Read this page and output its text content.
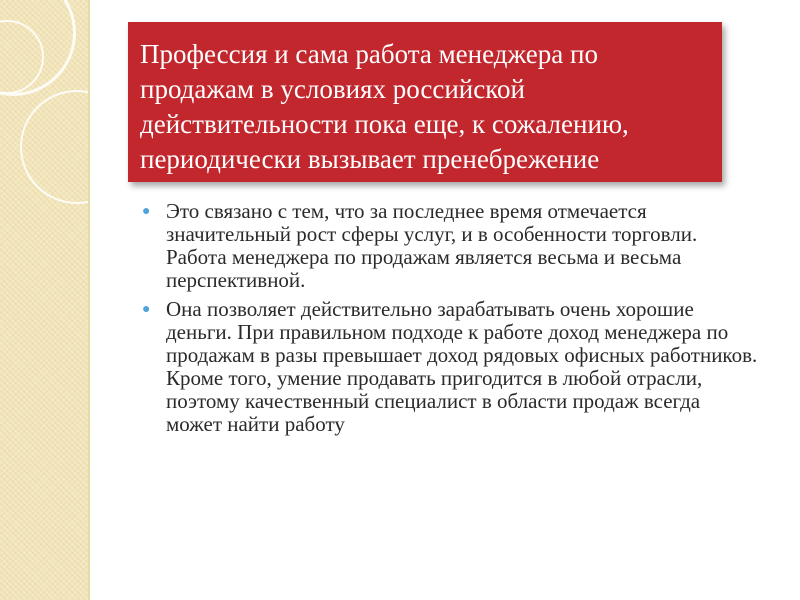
Профессия и сама работа менеджера по продажам в условиях российской действительности пока еще, к сожалению, периодически вызывает пренебрежение
● Это связано с тем, что за последнее время отмечается значительный рост сферы услуг, и в особенности торговли. Работа менеджера по продажам является весьма и весьма перспективной.
● Она позволяет действительно зарабатывать очень хорошие деньги. При правильном подходе к работе доход менеджера по продажам в разы превышает доход рядовых офисных работников. Кроме того, умение продавать пригодится в любой отрасли, поэтому качественный специалист в области продаж всегда может найти работу
